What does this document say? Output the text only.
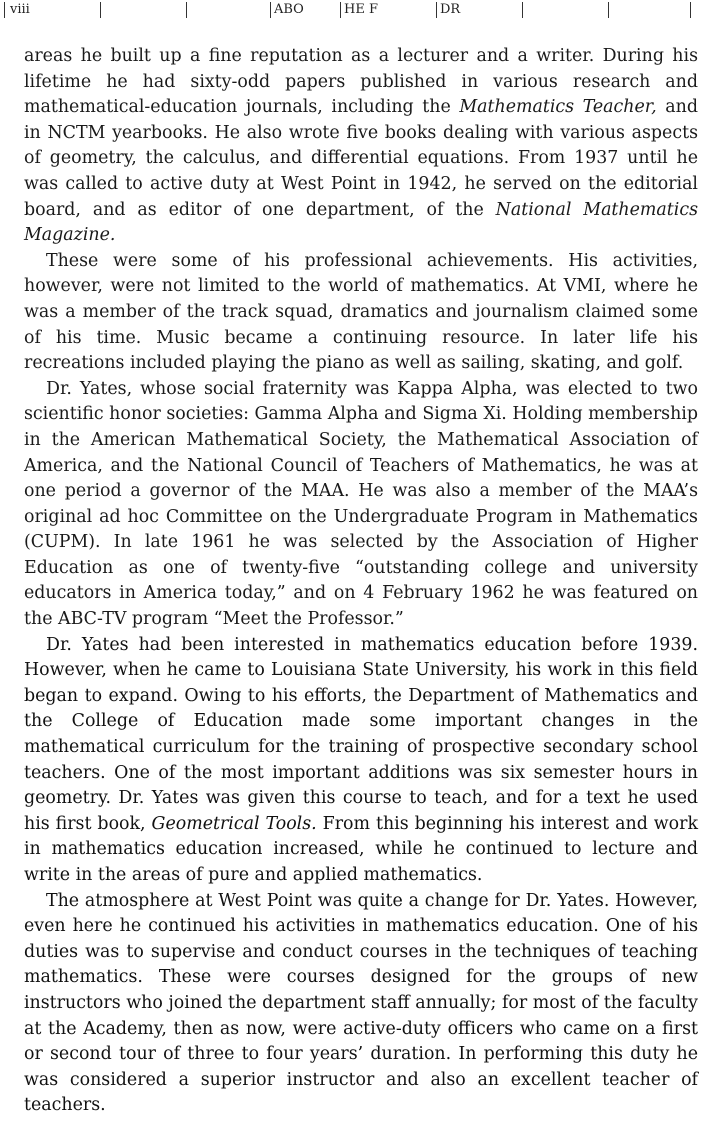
viii	ABO	HE F	DR

areas he built up a fine reputation as a lecturer and a writer. During his lifetime he had sixty-odd papers published in various research and mathematical-education journals, including the Mathematics Teacher, and in NCTM yearbooks. He also wrote five books dealing with various aspects of geometry, the calculus, and differential equations. From 1937 until he was called to active duty at West Point in 1942, he served on the editorial board, and as editor of one department, of the National Mathematics Magazine.

These were some of his professional achievements. His activities, however, were not limited to the world of mathematics. At VMI, where he was a member of the track squad, dramatics and journalism claimed some of his time. Music became a continuing resource. In later life his recreations included playing the piano as well as sailing, skating, and golf.

Dr. Yates, whose social fraternity was Kappa Alpha, was elected to two scientific honor societies: Gamma Alpha and Sigma Xi. Holding membership in the American Mathematical Society, the Mathematical Association of America, and the National Council of Teachers of Mathematics, he was at one period a governor of the MAA. He was also a member of the MAA’s original ad hoc Committee on the Undergraduate Program in Mathematics (CUPM). In late 1961 he was selected by the Association of Higher Education as one of twenty-five “outstanding college and university educators in America today,” and on 4 February 1962 he was featured on the ABC-TV program “Meet the Professor.”

Dr. Yates had been interested in mathematics education before 1939. However, when he came to Louisiana State University, his work in this field began to expand. Owing to his efforts, the Department of Mathematics and the College of Education made some important changes in the mathematical curriculum for the training of prospective secondary school teachers. One of the most important additions was six semester hours in geometry. Dr. Yates was given this course to teach, and for a text he used his first book, Geometrical Tools. From this beginning his interest and work in mathematics education increased, while he continued to lecture and write in the areas of pure and applied mathematics.

The atmosphere at West Point was quite a change for Dr. Yates. However, even here he continued his activities in mathematics education. One of his duties was to supervise and conduct courses in the techniques of teaching mathematics. These were courses designed for the groups of new instructors who joined the department staff annually; for most of the faculty at the Academy, then as now, were active-duty officers who came on a first or second tour of three to four years’ duration. In performing this duty he was considered a superior instructor and also an excellent teacher of teachers.
